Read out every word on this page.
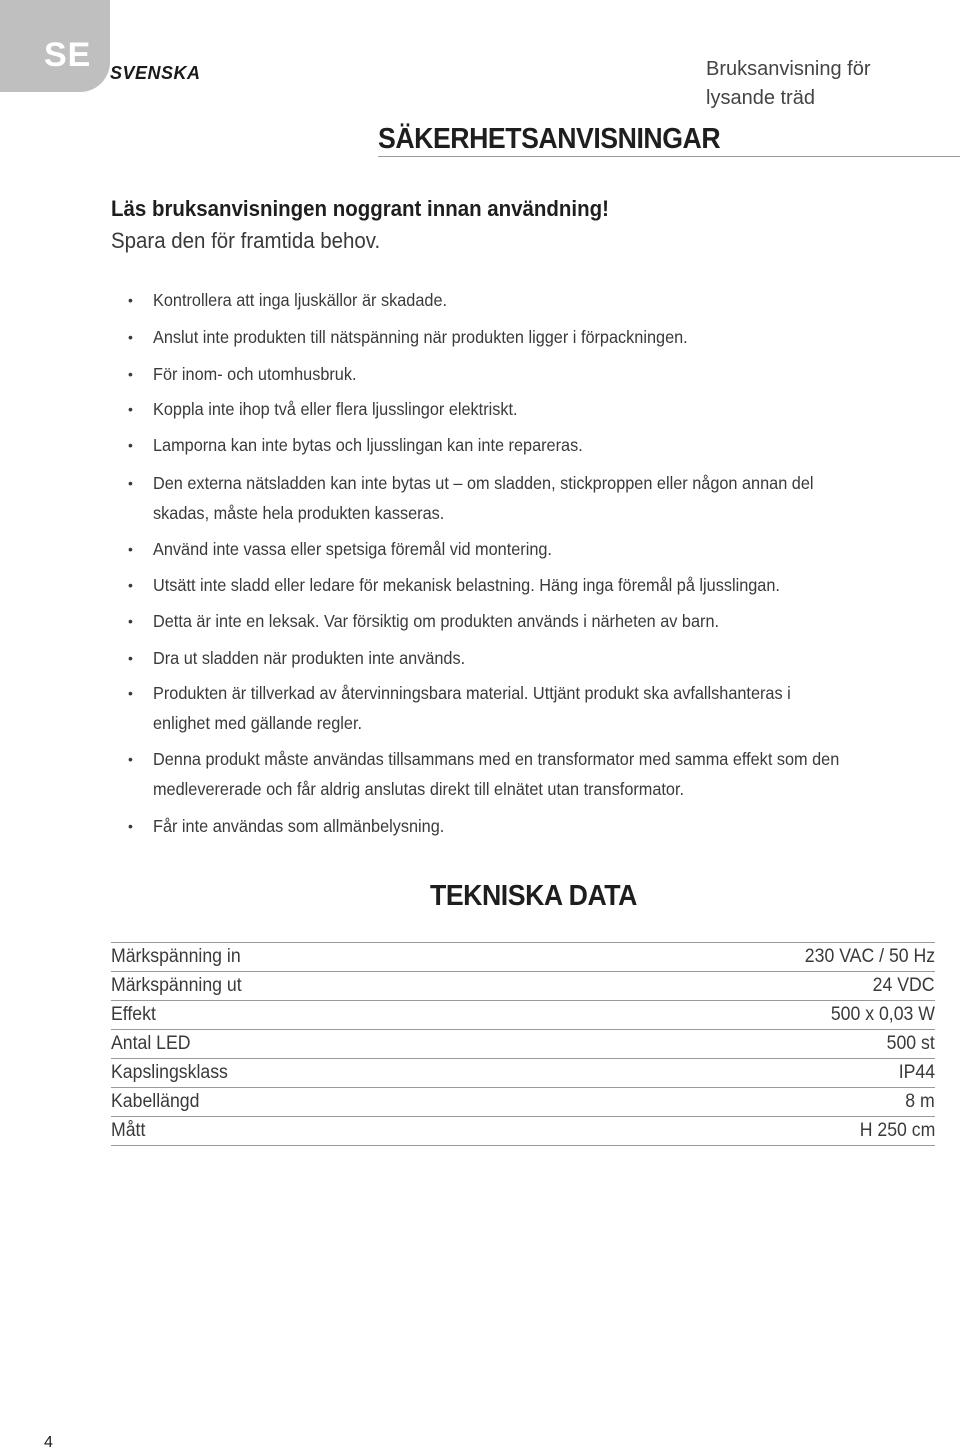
SE SVENSKA	Bruksanvisning för
lysande träd
SÄKERHETSANVISNINGAR
Läs bruksanvisningen noggrant innan användning!
Spara den för framtida behov.
• Kontrollera att inga ljuskällor är skadade.
• Anslut inte produkten till nätspänning när produkten ligger i förpackningen.
• För inom- och utomhusbruk.
• Koppla inte ihop två eller flera ljusslingor elektriskt.
• Lamporna kan inte bytas och ljusslingan kan inte repareras.
• Den externa nätsladden kan inte bytas ut – om sladden, stickproppen eller någon annan del
skadas, måste hela produkten kasseras.
• Använd inte vassa eller spetsiga föremål vid montering.
• Utsätt inte sladd eller ledare för mekanisk belastning. Häng inga föremål på ljusslingan.
• Detta är inte en leksak. Var försiktig om produkten används i närheten av barn.
• Dra ut sladden när produkten inte används.
• Produkten är tillverkad av återvinningsbara material. Uttjänt produkt ska avfallshanteras i
enlighet med gällande regler.
• Denna produkt måste användas tillsammans med en transformator med samma effekt som den
medlevererade och får aldrig anslutas direkt till elnätet utan transformator.
• Får inte användas som allmänbelysning.
TEKNISKA DATA
Märkspänning in	230 VAC / 50 Hz
Märkspänning ut	24 VDC
Effekt	500 x 0,03 W
Antal LED	500 st
Kapslingsklass	IP44
Kabellängd	8 m
Mått	H 250 cm
4
